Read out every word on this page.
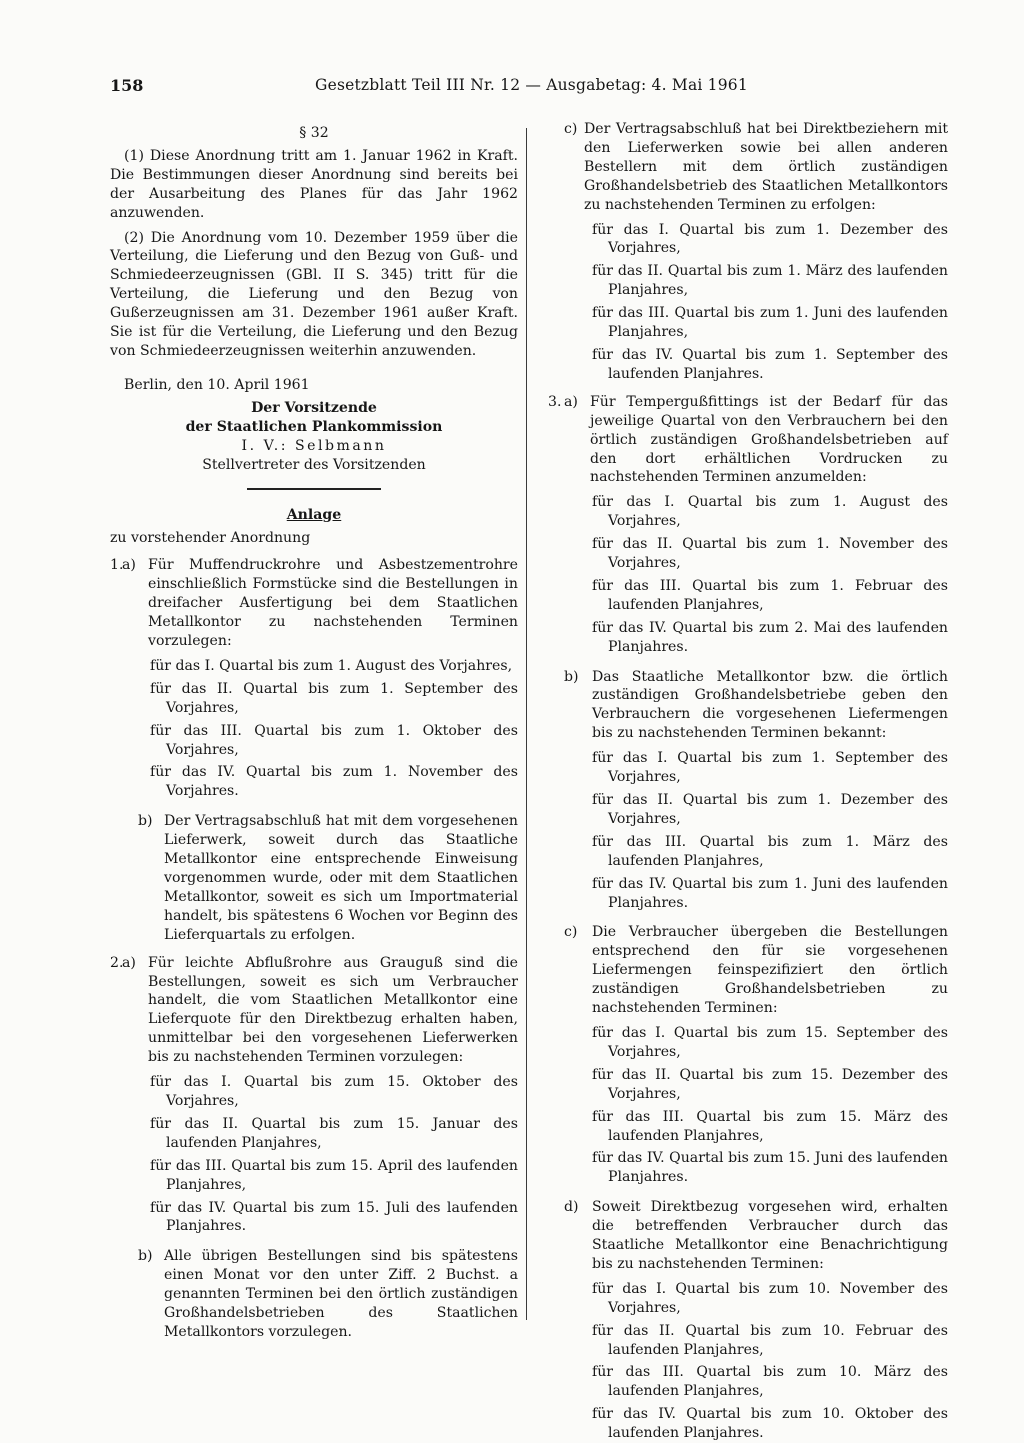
158	Gesetzblatt Teil III Nr. 12 — Ausgabetag: 4. Mai 1961

§ 32

(1) Diese Anordnung tritt am 1. Januar 1962 in Kraft. Die Bestimmungen dieser Anordnung sind bereits bei der Ausarbeitung des Planes für das Jahr 1962 anzuwenden.

(2) Die Anordnung vom 10. Dezember 1959 über die Verteilung, die Lieferung und den Bezug von Guß- und Schmiedeerzeugnissen (GBl. II S. 345) tritt für die Verteilung, die Lieferung und den Bezug von Gußerzeugnissen am 31. Dezember 1961 außer Kraft. Sie ist für die Verteilung, die Lieferung und den Bezug von Schmiedeerzeugnissen weiterhin anzuwenden.

Berlin, den 10. April 1961

Der Vorsitzende

der Staatlichen Plankommission

I. V.: Selbmann

Stellvertreter des Vorsitzenden

Anlage

zu vorstehender Anordnung

1.
a) Für Muffendruckrohre und Asbestzementrohre einschließlich Formstücke sind die Bestellungen in dreifacher Ausfertigung bei dem Staatlichen Metallkontor zu nachstehenden Terminen vorzulegen:

für das I. Quartal bis zum 1. August des Vorjahres,

für das II. Quartal bis zum 1. September des Vorjahres,

für das III. Quartal bis zum 1. Oktober des Vorjahres,

für das IV. Quartal bis zum 1. November des Vorjahres.

b) Der Vertragsabschluß hat mit dem vorgesehenen Lieferwerk, soweit durch das Staatliche Metallkontor eine entsprechende Einweisung vorgenommen wurde, oder mit dem Staatlichen Metallkontor, soweit es sich um Importmaterial handelt, bis spätestens 6 Wochen vor Beginn des Lieferquartals zu erfolgen.

2.
a) Für leichte Abflußrohre aus Grauguß sind die Bestellungen, soweit es sich um Verbraucher handelt, die vom Staatlichen Metallkontor eine Lieferquote für den Direktbezug erhalten haben, unmittelbar bei den vorgesehenen Lieferwerken bis zu nachstehenden Terminen vorzulegen:

für das I. Quartal bis zum 15. Oktober des Vorjahres,

für das II. Quartal bis zum 15. Januar des laufenden Planjahres,

für das III. Quartal bis zum 15. April des laufenden Planjahres,

für das IV. Quartal bis zum 15. Juli des laufenden Planjahres.

b) Alle übrigen Bestellungen sind bis spätestens einen Monat vor den unter Ziff. 2 Buchst. a genannten Terminen bei den örtlich zuständigen Großhandelsbetrieben des Staatlichen Metallkontors vorzulegen.

c) Der Vertragsabschluß hat bei Direktbeziehern mit den Lieferwerken sowie bei allen anderen Bestellern mit dem örtlich zuständigen Großhandelsbetrieb des Staatlichen Metallkontors zu nachstehenden Terminen zu erfolgen:

für das I. Quartal bis zum 1. Dezember des Vorjahres,

für das II. Quartal bis zum 1. März des laufenden Planjahres,

für das III. Quartal bis zum 1. Juni des laufenden Planjahres,

für das IV. Quartal bis zum 1. September des laufenden Planjahres.

3. a) Für Tempergußfittings ist der Bedarf für das jeweilige Quartal von den Verbrauchern bei den örtlich zuständigen Großhandelsbetrieben auf den dort erhältlichen Vordrucken zu nachstehenden Terminen anzumelden:

für das I. Quartal bis zum 1. August des Vorjahres,

für das II. Quartal bis zum 1. November des Vorjahres,

für das III. Quartal bis zum 1. Februar des laufenden Planjahres,

für das IV. Quartal bis zum 2. Mai des laufenden Planjahres.

b) Das Staatliche Metallkontor bzw. die örtlich zuständigen Großhandelsbetriebe geben den Verbrauchern die vorgesehenen Liefermengen bis zu nachstehenden Terminen bekannt:

für das I. Quartal bis zum 1. September des Vorjahres,

für das II. Quartal bis zum 1. Dezember des Vorjahres,

für das III. Quartal bis zum 1. März des laufenden Planjahres,

für das IV. Quartal bis zum 1. Juni des laufenden Planjahres.

c)	Die Verbraucher übergeben die Bestellungen entsprechend den für sie vorgesehenen Liefermengen feinspezifiziert den örtlich zuständigen Großhandelsbetrieben zu nachstehenden Terminen:

für das I. Quartal bis zum 15. September des Vorjahres,

für das II. Quartal bis zum 15. Dezember des Vorjahres,

für das III. Quartal bis zum 15. März des laufenden Planjahres,

für das IV. Quartal bis zum 15. Juni des laufenden Planjahres.

d) Soweit Direktbezug vorgesehen wird, erhalten die betreffenden Verbraucher durch das Staatliche Metallkontor eine Benachrichtigung bis zu nachstehenden Terminen:

für das I. Quartal bis zum 10. November des Vorjahres,

für das II. Quartal bis zum 10. Februar des laufenden Planjahres,

für das III. Quartal bis zum 10. März des laufenden Planjahres,

für das IV. Quartal bis zum 10. Oktober des laufenden Planjahres.
